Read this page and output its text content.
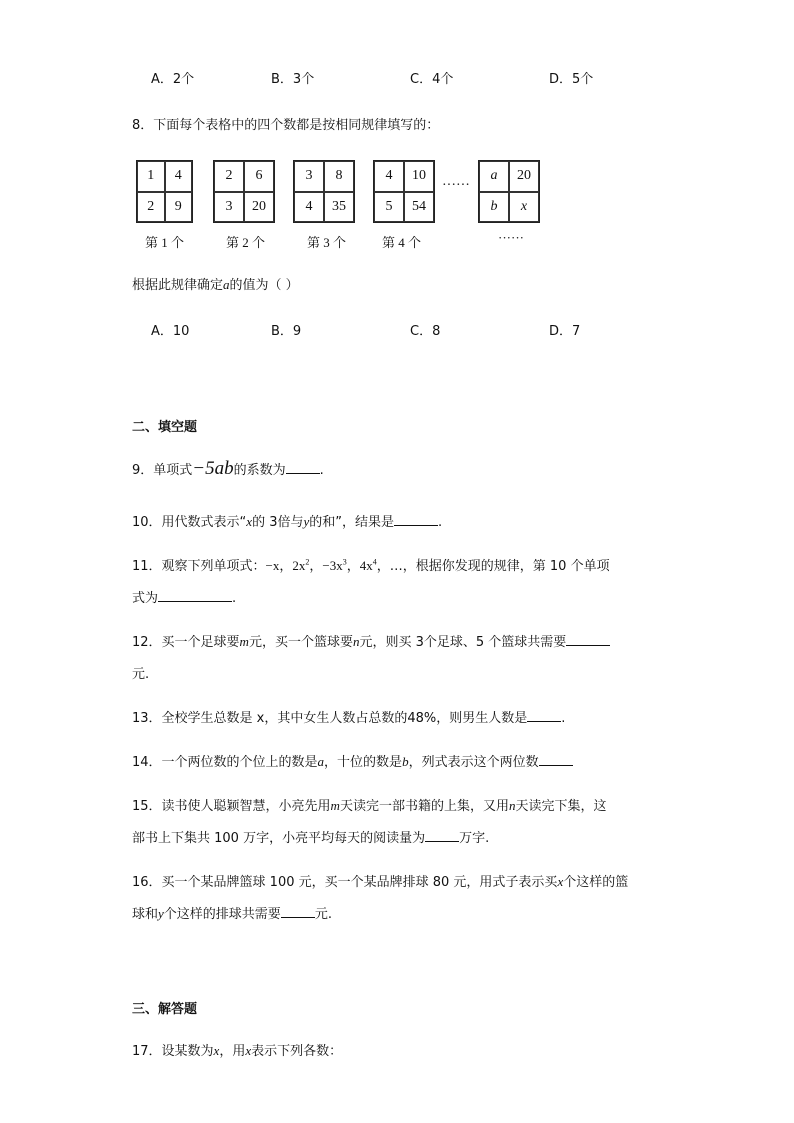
A．2个	B．3个	C．4个	D．5个
8．下面每个表格中的四个数都是按相同规律填写的：
1	4
2	9
2	6
3	20
3	8
4	35
4	10
5	54
······
a	20
b	x
第 1 个	第 2 个	第 3 个	第 4 个	······
根据此规律确定a的值为（ ）
A．10	B．9	C．8	D．7
二、填空题
9．单项式−5ab的系数为	.
10．用代数式表示“x的 3倍与y的和”，结果是	.
11．观察下列单项式：−x，$2x^2$，$-3x^3$，$4x^4$，…，根据你发现的规律，第 10 个单项
式为	.
12．买一个足球要m元，买一个篮球要n元，则买 3个足球、5 个篮球共需要
元.
13．全校学生总数是 x，其中女生人数占总数的48%，则男生人数是	.
14．一个两位数的个位上的数是a，十位的数是b，列式表示这个两位数
15．读书使人聪颖智慧，小亮先用m天读完一部书籍的上集，又用n天读完下集，这
部书上下集共 100 万字，小亮平均每天的阅读量为	万字.
16．买一个某品牌篮球 100 元，买一个某品牌排球 80 元，用式子表示买x个这样的篮
球和y个这样的排球共需要	元.
三、解答题
17．设某数为x，用x表示下列各数：
